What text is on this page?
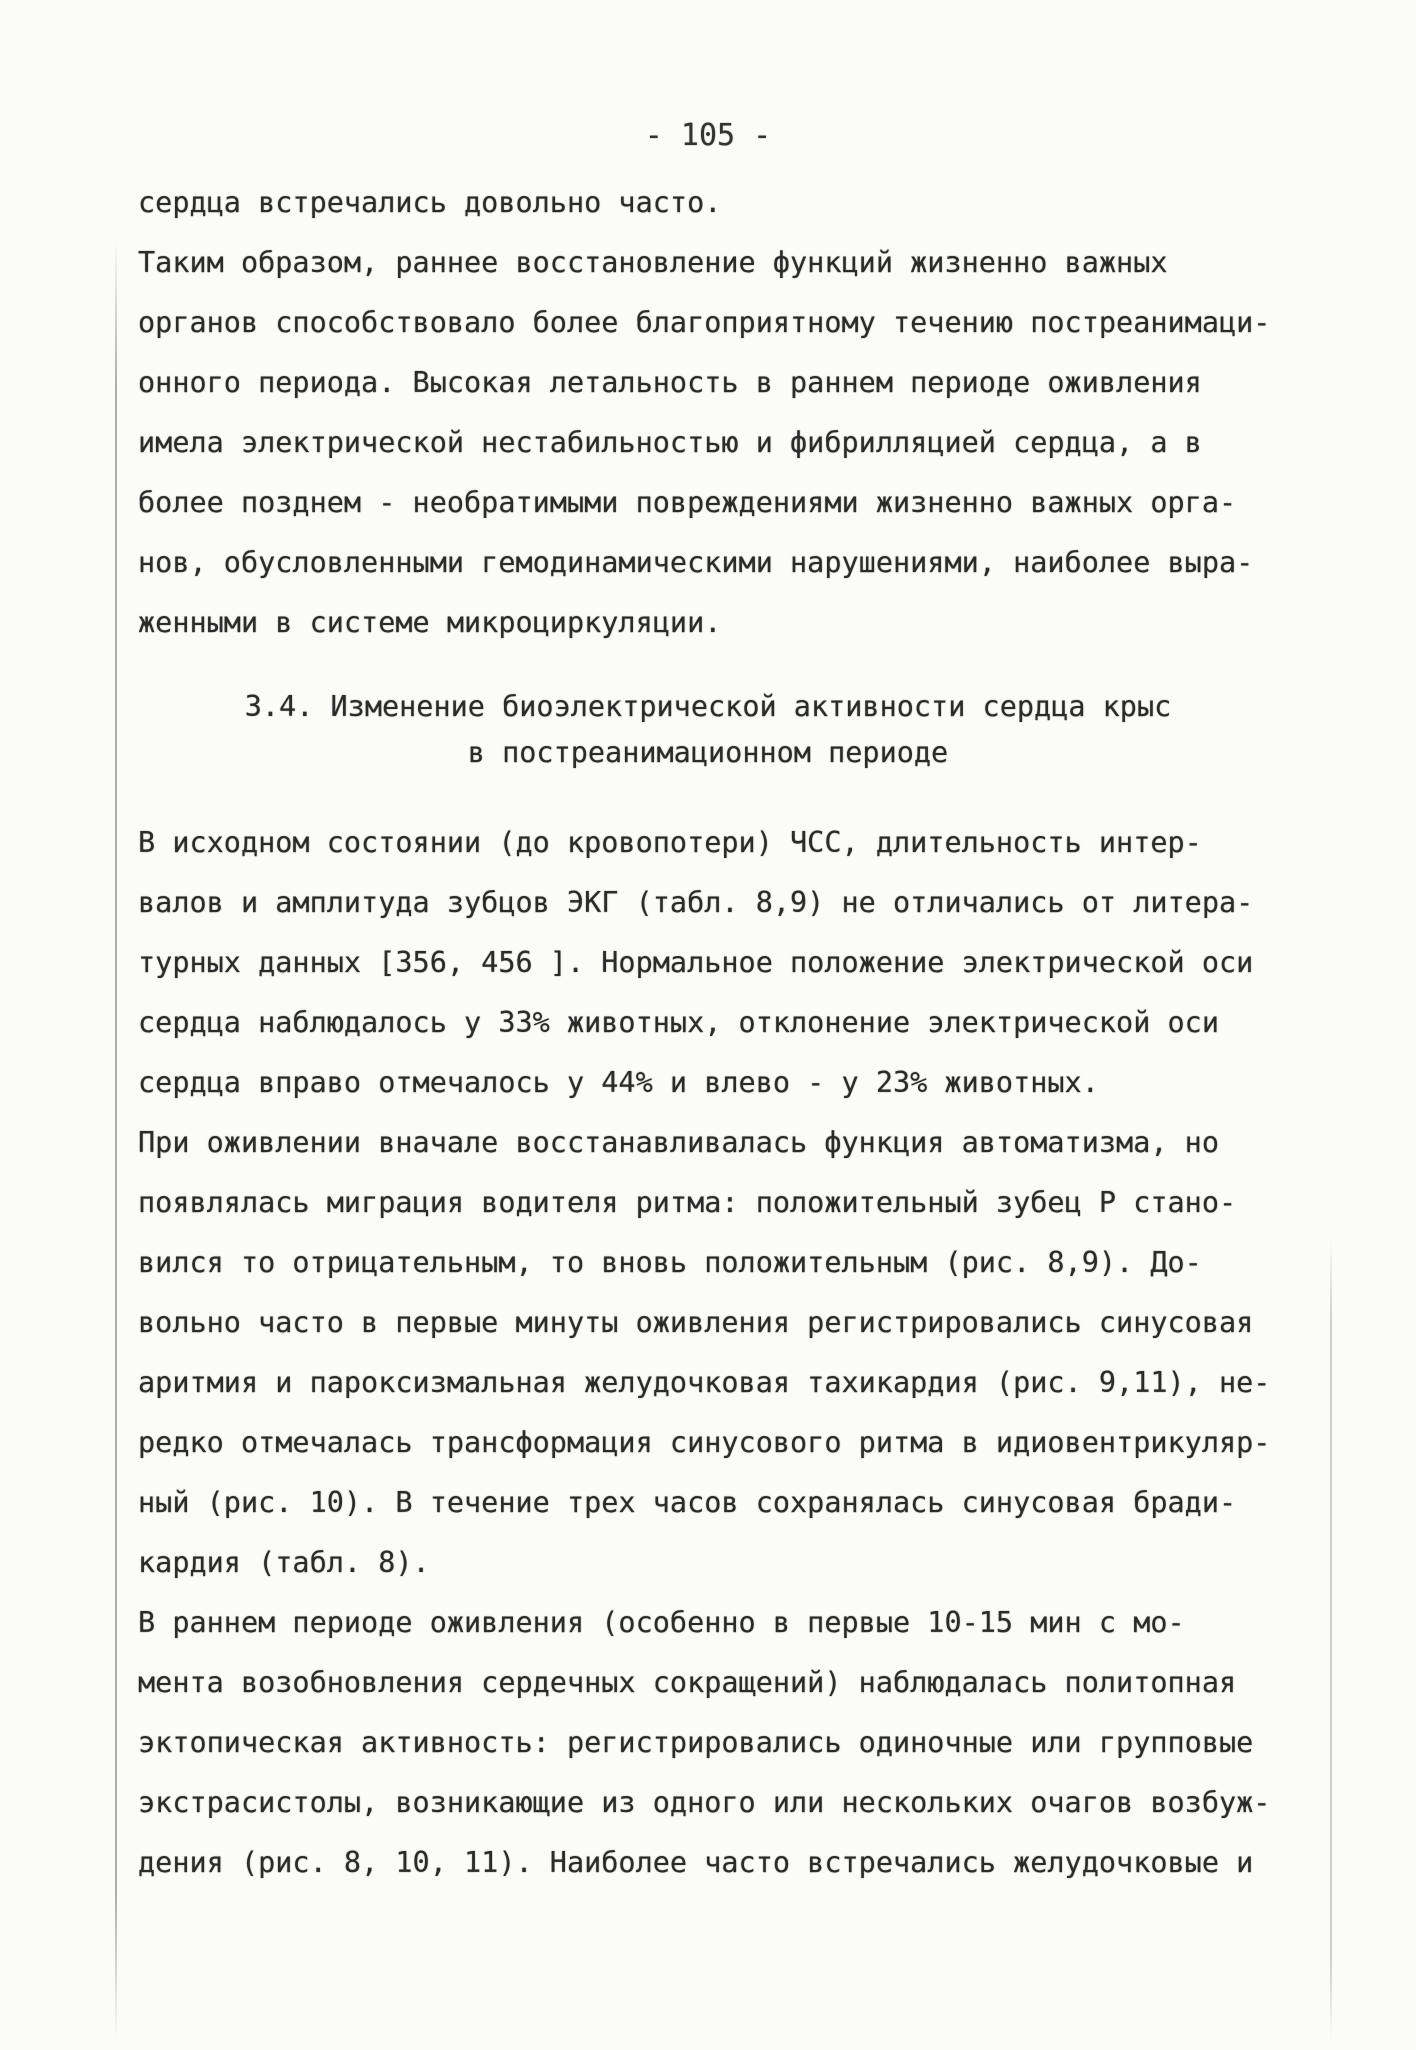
- 105 -
сердца встречались довольно часто.
Таким образом, раннее восстановление функций жизненно важных
органов способствовало более благоприятному течению постреанимаци-
онного периода. Высокая летальность в раннем периоде оживления
имела электрической нестабильностью и фибрилляцией сердца, а в
более позднем - необратимыми повреждениями жизненно важных орга-
нов, обусловленными гемодинамическими нарушениями, наиболее выра-
женными в системе микроциркуляции.
3.4. Изменение биоэлектрической активности сердца крыс
в постреанимационном периоде
В исходном состоянии (до кровопотери) ЧСС, длительность интер-
валов и амплитуда зубцов ЭКГ (табл. 8,9) не отличались от литера-
турных данных [356, 456 ]. Нормальное положение электрической оси
сердца наблюдалось у 33% животных, отклонение электрической оси
сердца вправо отмечалось у 44% и влево - у 23% животных.
При оживлении вначале восстанавливалась функция автоматизма, но
появлялась миграция водителя ритма: положительный зубец Р стано-
вился то отрицательным, то вновь положительным (рис. 8,9). До-
вольно часто в первые минуты оживления регистрировались синусовая
аритмия и пароксизмальная желудочковая тахикардия (рис. 9,11), не-
редко отмечалась трансформация синусового ритма в идиовентрикуляр-
ный (рис. 10). В течение трех часов сохранялась синусовая бради-
кардия (табл. 8).
В раннем периоде оживления (особенно в первые 10-15 мин с мо-
мента возобновления сердечных сокращений) наблюдалась политопная
эктопическая активность: регистрировались одиночные или групповые
экстрасистолы, возникающие из одного или нескольких очагов возбуж-
дения (рис. 8, 10, 11). Наиболее часто встречались желудочковые и
